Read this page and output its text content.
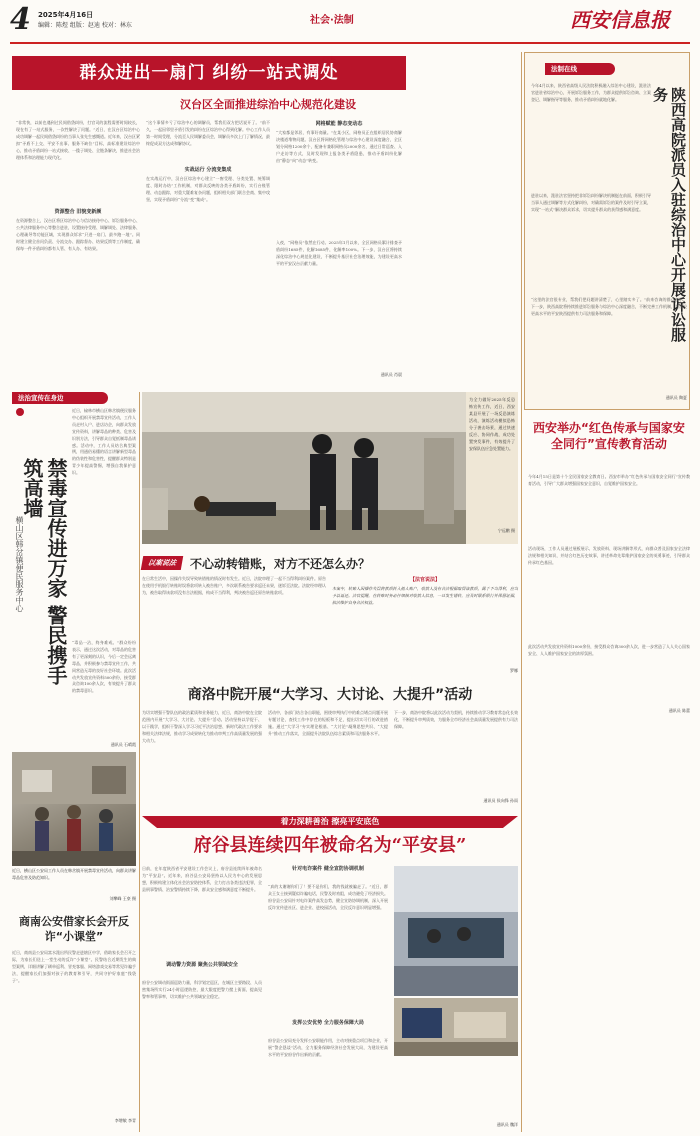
4 2025年4月16日
编辑：陈煜 组版：赵迪 校对：林东	社会·法制	西安信息报
群众进出一扇门 纠纷一站式调处
汉台区全面推进综治中心规范化建设
“非常快，以前也遇到过民间借贷纠纷，打官司的流程需要时间较长，现在有了一站式服务，一次性解决了问题。”近日，在汉台区综治中心成功调解一起民间借贷纠纷的当事人张先生感慨道。近年来，汉台区紧扣“矛盾不上交、平安不出事、服务不缺位”目标，高标准建设综治中心，推动矛盾纠纷一站式接收、一揽子调处、全链条解决，推进社会治理体系和治理能力现代化。
资源整合 旧貌变新颜
在资源整合上，汉台区将区综治中心与信访接待中心、诉讼服务中心、公共法律服务中心等整合进驻，设置接待受理、调解调处、法律服务、心理疏导等功能区域，实现群众诉求“只进一扇门、最多跑一地”。同时建立健全首问负责、分流交办、跟踪督办、结果反馈等工作制度，确保每一件矛盾纠纷都有人管、有人办、有结果。
“这个事情多亏了综治中心的调解员，帮我们双方把话说开了。”前不久，一起因邻里矛盾引发的纠纷在区综治中心得到化解。中心工作人员第一时间受理，分流至人民调解委员会，调解员多次上门了解情况，最终促成双方达成和解协议。
实战运行 分流变集成
在实战运行中，汉台区综治中心建立“一窗受理、分类处置、统筹调度、限时办结”工作机制，对群众反映的各类矛盾纠纷，实行台账管理、动态跟踪，对重大疑难复杂问题，组织相关部门联合会商、集中攻坚，实现矛盾纠纷“分流”变“集成”。
网格赋能 静态变动态
“大家都是邻居，有事好商量。”在某小区，网格员正在组织居民协商解决楼道堆物问题。汉台区将网格化管理与综治中心建设深度融合，全区划分网格1200余个，配备专兼职网格员2000余名，通过日常巡查、入户走访等方式，及时发现和上报各类矛盾隐患，推动矛盾纠纷化解由“静态”向“动态”转变。
入夜，“网格员”依然在行动。2025年1月以来，全区网格员累计排查矛盾纠纷1685件，化解1685件，化解率100%。下一步，汉台区将持续深化综治中心规范化建设，不断提升基层社会治理效能，为建设更高水平的平安汉台贡献力量。
通讯员 肖晨
法治宣传在身边
禁毒宣传进万家 警民携手筑高墙
横山区韩岔镇便民服务中心
近日，榆林市横山区韩岔镇便民服务中心组织开展禁毒宣传活动，工作人员走村入户、进店访企，向群众发放宣传资料，讲解毒品的种类、危害及识别方法，引导群众自觉抵制毒品诱惑。活动中，工作人员结合典型案例，用通俗易懂的语言讲解新型毒品的伪装性和危害性，提醒群众特别是青少年提高警惕，增强自我保护意识。
“毒品一沾，终身难戒。”群众纷纷表示，通过这次活动，对毒品的危害有了更深刻的认识，今后一定会远离毒品，并积极参与禁毒宣传工作，共同营造无毒的良好社会环境。此次活动共发放宣传资料500余份，接受群众咨询100余人次，有效提升了群众的禁毒意识。
通讯员 石晴霞
近日，横山区公安局工作人员在韩岔镇开展禁毒宣传活动，向群众讲解毒品危害及防范知识。
刘攀峰 王豪 摄
为全力做好2025年反恐怖宣传工作，近日，西安某县开展了一场反恐演练活动，演练活动模拟恐怖分子袭击场景，通过快速反应、协同作战，成功处置突发事件，有效提升了安保队伍应急处置能力。
宁远鹏 摄
以案说法	不心动转错账，对方不还怎么办？
在日常生活中，因操作失误导致转错账的情况时有发生。近日，法院审理了一起不当得利纠纷案件。原告在使用手机银行转账时误将款项转入被告账户，多次联系被告要求返还未果，遂诉至法院。法院经审理认为，被告取得该款项没有合法根据，构成不当得利，判决被告返还原告转账款项。
【法官说法】
本案中，转账人因操作失误将款项转入他人账户，收款人没有合法根据取得该款项，属于不当得利，应当予以返还。法官提醒，在转账时务必仔细核对收款人信息，一旦发生错转，应及时联系银行并保留证据，依法维护自身合法权益。
罗娜
商洛中院开展“大学习、大讨论、大提升”活动
为切实增强干警队伍的政治素质和业务能力，近日，商洛中院在全院范围内开展“大学习、大讨论、大提升”活动。活动坚持以学促干、以干践学，组织干警深入学习习近平法治思想、新时代政法工作要求和相关法律法规，推动学习成果转化为推动审判工作高质量发展的强大动力。
活动中，各部门结合各自职能，围绕审判执行中的难点堵点问题开展专题讨论，查找工作中存在的短板和不足，提出切实可行的改进措施。通过“大学习”夯实理论根基、“大讨论”凝聚思想共识、“大提升”推动工作落实，全面提升法院队伍综合素质和司法服务水平。
下一步，商洛中院将以此次活动为契机，持续推动学习教育常态化长效化，不断提升审判质效，为服务全市经济社会高质量发展提供有力司法保障。
通讯员 侯向锋 孙雨
着力深耕善治 擦亮平安底色
府谷县连续四年被命名为“平安县”
日前，在年度陕西省平安建设工作会议上，府谷县连续四年被命名为“平安县”。近年来，府谷县公安局坚持以人民为中心的发展思想，积极构建立体化社会治安防控体系，全力打击各类违法犯罪，全县刑事警情、治安警情持续下降，群众安全感和满意度不断提升。
调动警力资源 聚焦公共领域安全
府谷公安调动街面巡防力量，科学划定巡区，在城区主要路段、人员密集场所实行24小时巡逻防控，最大限度把警力摆上街面，提高见警率和管事率，切实维护公共领域安全稳定。
针对电诈案件 健全宣防协调机制
“真的太谢谢你们了！要不是你们，我的钱就被骗走了。”近日，群众王女士接到疑似诈骗电话，民警及时劝阻，成功避免了经济损失。府谷县公安局针对电诈案件高发态势，健全宣防协调机制，深入开展反诈宣传进社区、进企业、进校园活动，全民反诈意识明显增强。
发挥公安优势 全力服务保障大局
府谷县公安局充分发挥公安职能作用，主动对接重点项目和企业，开展“警企恳谈”活动，全力服务保障经济社会发展大局，为建设更高水平的平安府谷作出新的贡献。
通讯员 魏洋
商南公安借家长会开反诈“小课堂”
近日，商南县公安局富水派出所民警走进辖区中学，借助家长会召开之际，为家长们送上一堂生动的反诈“小课堂”。民警结合近期发生的典型案例，详细讲解了刷单返利、冒充客服、网络游戏交易等常见诈骗手法，提醒家长们加强对孩子的教育和引导，共同守护好家庭“钱袋子”。
李增敏 李青
法制在线
陕西高院派员入驻综治中心开展诉讼服务
今年4月以来，陕西省高级人民法院积极融入综治中心建设，派驻法官进驻省综治中心，开展诉讼服务工作，为群众提供诉讼咨询、立案登记、调解指导等服务，推动矛盾纠纷就地化解。
进驻以来，派驻法官坚持把非诉讼纠纷解决机制挺在前面，积极引导当事人通过调解等方式化解纠纷，对确需诉讼的案件及时引导立案，实现“一站式”解决群众诉求，切实提升群众的获得感和满意度。
“这里的法官很专业，帮我们把问题讲清楚了，心里踏实多了。”前来咨询的群众表示。下一步，陕西高院将持续推进诉讼服务与综治中心深度融合，不断完善工作机制，为建设更高水平的平安陕西提供有力司法服务和保障。
通讯员 陶夏
西安举办“红色传承与国家安全同行”宣传教育活动
今年4月15日是第十个全民国家安全教育日。西安市举办“红色传承与国家安全同行”宣传教育活动，引导广大群众增强国家安全意识，自觉维护国家安全。
活动现场，工作人员通过展板展示、发放资料、现场讲解等形式，向群众普及国家安全法律法规和相关知识，并结合红色历史故事，讲述革命先辈维护国家安全的英勇事迹，引导群众传承红色基因。
此次活动共发放宣传资料1000余份，接受群众咨询300余人次，进一步营造了人人关心国家安全、人人维护国家安全的浓厚氛围。
通讯员 陈蕾
